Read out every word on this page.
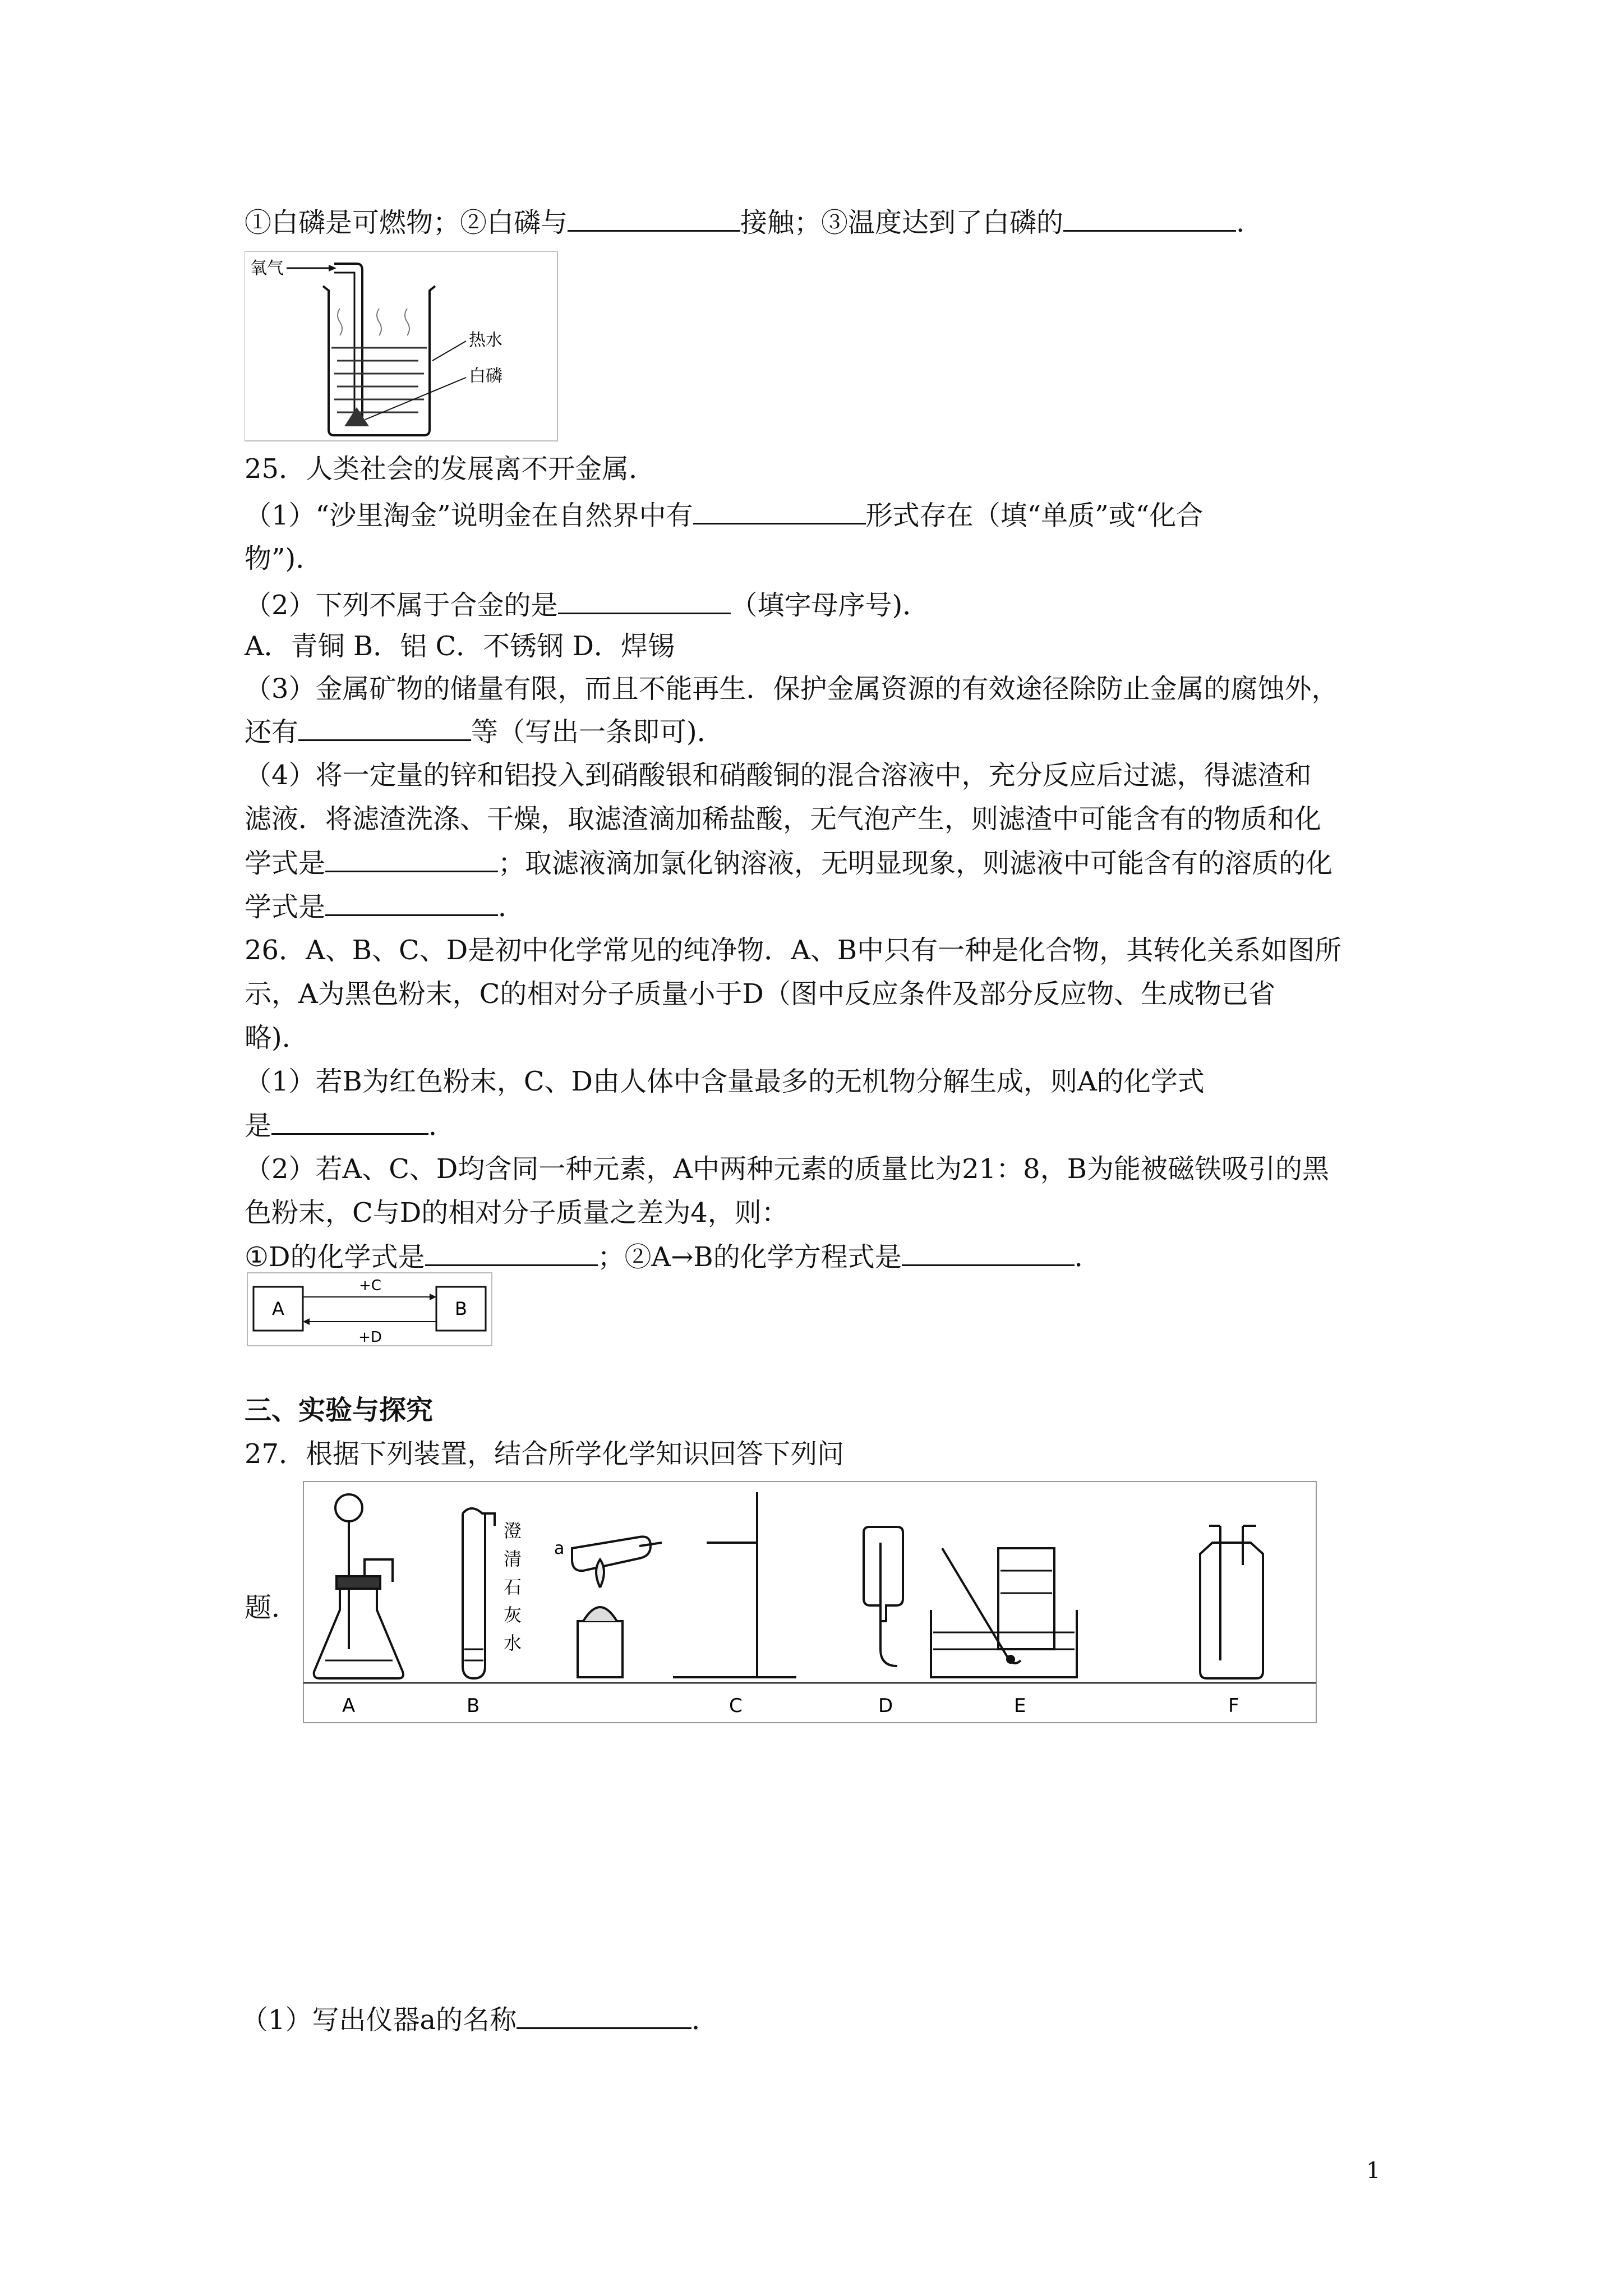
①白磷是可燃物；②白磷与	接触；③温度达到了白磷的	.
氧气
热水
白磷
25．人类社会的发展离不开金属．
（1）“沙里淘金”说明金在自然界中有	形式存在（填“单质”或“化合
物”)．
（2）下列不属于合金的是	（填字母序号)．
A．青铜 B．铝 C．不锈钢 D．焊锡
（3）金属矿物的储量有限，而且不能再生．保护金属资源的有效途径除防止金属的腐蚀外，
还有	等（写出一条即可)．
（4）将一定量的锌和铝投入到硝酸银和硝酸铜的混合溶液中，充分反应后过滤，得滤渣和
滤液．将滤渣洗涤、干燥，取滤渣滴加稀盐酸，无气泡产生，则滤渣中可能含有的物质和化
学式是	；取滤液滴加氯化钠溶液，无明显现象，则滤液中可能含有的溶质的化
学式是	．
26．A、B、C、D是初中化学常见的纯净物．A、B中只有一种是化合物，其转化关系如图所
示，A为黑色粉末，C的相对分子质量小于D（图中反应条件及部分反应物、生成物已省
略)．
（1）若B为红色粉末，C、D由人体中含量最多的无机物分解生成，则A的化学式
是	．
（2）若A、C、D均含同一种元素，A中两种元素的质量比为21：8，B为能被磁铁吸引的黑
色粉末，C与D的相对分子质量之差为4，则：
①D的化学式是	；②A→B的化学方程式是	．
A	B
+C
+D
三、实验与探究
27．根据下列装置，结合所学化学知识回答下列问
题．
A	B	C	D	E	F
a
澄
清
石
灰
水
（1）写出仪器a的名称	．
1
